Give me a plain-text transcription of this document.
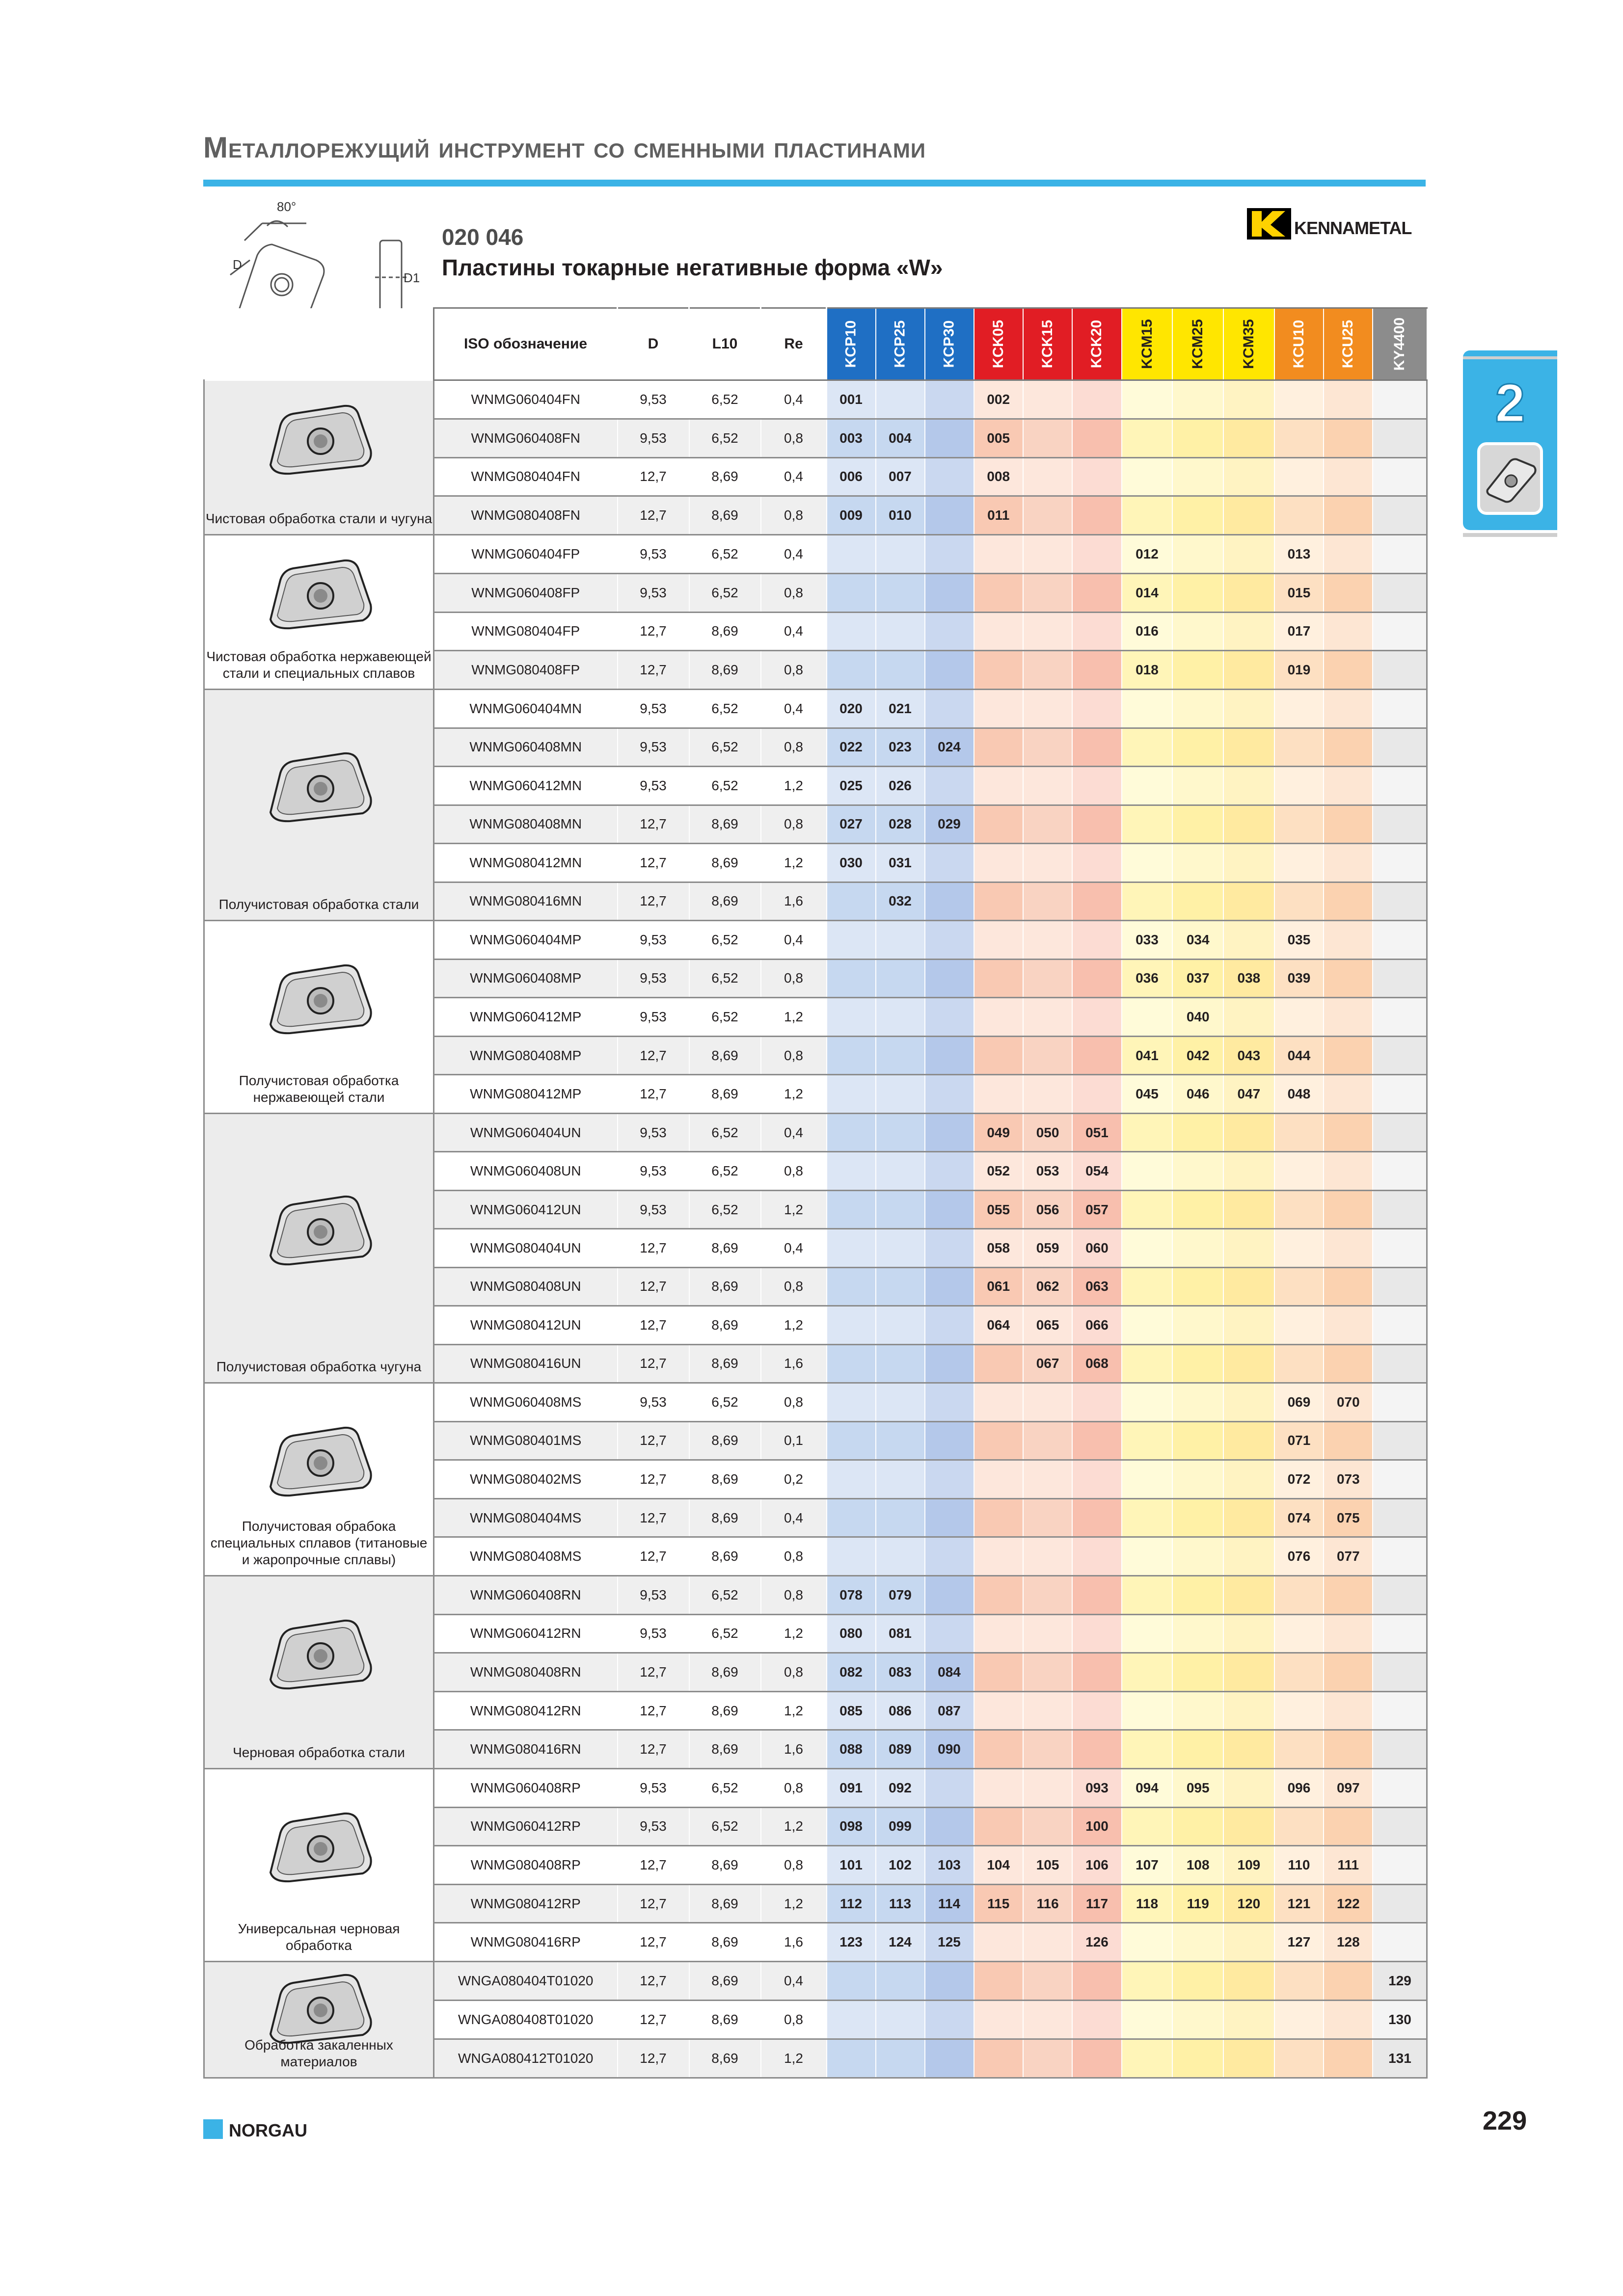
Металлорежущий инструмент со сменными пластинами
80°
D
D1
020 046
Пластины токарные негативные форма «W»
KENNAMETAL
2
	ISO обозначение	D	L10	Re	KCP10	KCP25	KCP30	KCK05	KCK15	KCK20	KCM15	KCM25	KCM35	KCU10	KCU25	KY4400

Чистовая обработка стали и чугуна	WNMG060404FN	9,53	6,52	0,4	001			002								
	WNMG060408FN	9,53	6,52	0,8	003	004		005								
	WNMG080404FN	12,7	8,69	0,4	006	007		008								
	WNMG080408FN	12,7	8,69	0,8	009	010		011								

Чистовая обработка нержавеющей стали и специальных сплавов	WNMG060404FP	9,53	6,52	0,4							012			013		
	WNMG060408FP	9,53	6,52	0,8							014			015		
	WNMG080404FP	12,7	8,69	0,4							016			017		
	WNMG080408FP	12,7	8,69	0,8							018			019		

Получистовая обработка стали	WNMG060404MN	9,53	6,52	0,4	020	021										
	WNMG060408MN	9,53	6,52	0,8	022	023	024									
	WNMG060412MN	9,53	6,52	1,2	025	026										
	WNMG080408MN	12,7	8,69	0,8	027	028	029									
	WNMG080412MN	12,7	8,69	1,2	030	031										
	WNMG080416MN	12,7	8,69	1,6		032										

Получистовая обработка нержавеющей стали	WNMG060404MP	9,53	6,52	0,4							033	034		035		
	WNMG060408MP	9,53	6,52	0,8							036	037	038	039		
	WNMG060412MP	9,53	6,52	1,2								040				
	WNMG080408MP	12,7	8,69	0,8							041	042	043	044		
	WNMG080412MP	12,7	8,69	1,2							045	046	047	048		

Получистовая обработка чугуна	WNMG060404UN	9,53	6,52	0,4				049	050	051						
	WNMG060408UN	9,53	6,52	0,8				052	053	054						
	WNMG060412UN	9,53	6,52	1,2				055	056	057						
	WNMG080404UN	12,7	8,69	0,4				058	059	060						
	WNMG080408UN	12,7	8,69	0,8				061	062	063						
	WNMG080412UN	12,7	8,69	1,2				064	065	066						
	WNMG080416UN	12,7	8,69	1,6					067	068						

Получистовая обрабока специальных сплавов (титановые и жаропрочные сплавы)	WNMG060408MS	9,53	6,52	0,8										069	070	
	WNMG080401MS	12,7	8,69	0,1										071		
	WNMG080402MS	12,7	8,69	0,2										072	073	
	WNMG080404MS	12,7	8,69	0,4										074	075	
	WNMG080408MS	12,7	8,69	0,8										076	077	

Черновая обработка стали	WNMG060408RN	9,53	6,52	0,8	078	079										
	WNMG060412RN	9,53	6,52	1,2	080	081										
	WNMG080408RN	12,7	8,69	0,8	082	083	084									
	WNMG080412RN	12,7	8,69	1,2	085	086	087									
	WNMG080416RN	12,7	8,69	1,6	088	089	090									

Универсальная черновая обработка	WNMG060408RP	9,53	6,52	0,8	091	092				093	094	095		096	097	
	WNMG060412RP	9,53	6,52	1,2	098	099				100						
	WNMG080408RP	12,7	8,69	0,8	101	102	103	104	105	106	107	108	109	110	111	
	WNMG080412RP	12,7	8,69	1,2	112	113	114	115	116	117	118	119	120	121	122	
	WNMG080416RP	12,7	8,69	1,6	123	124	125			126				127	128	

Обработка закаленных материалов	WNGA080404T01020	12,7	8,69	0,4												129
	WNGA080408T01020	12,7	8,69	0,8												130
	WNGA080412T01020	12,7	8,69	1,2												131
NORGAU	229
